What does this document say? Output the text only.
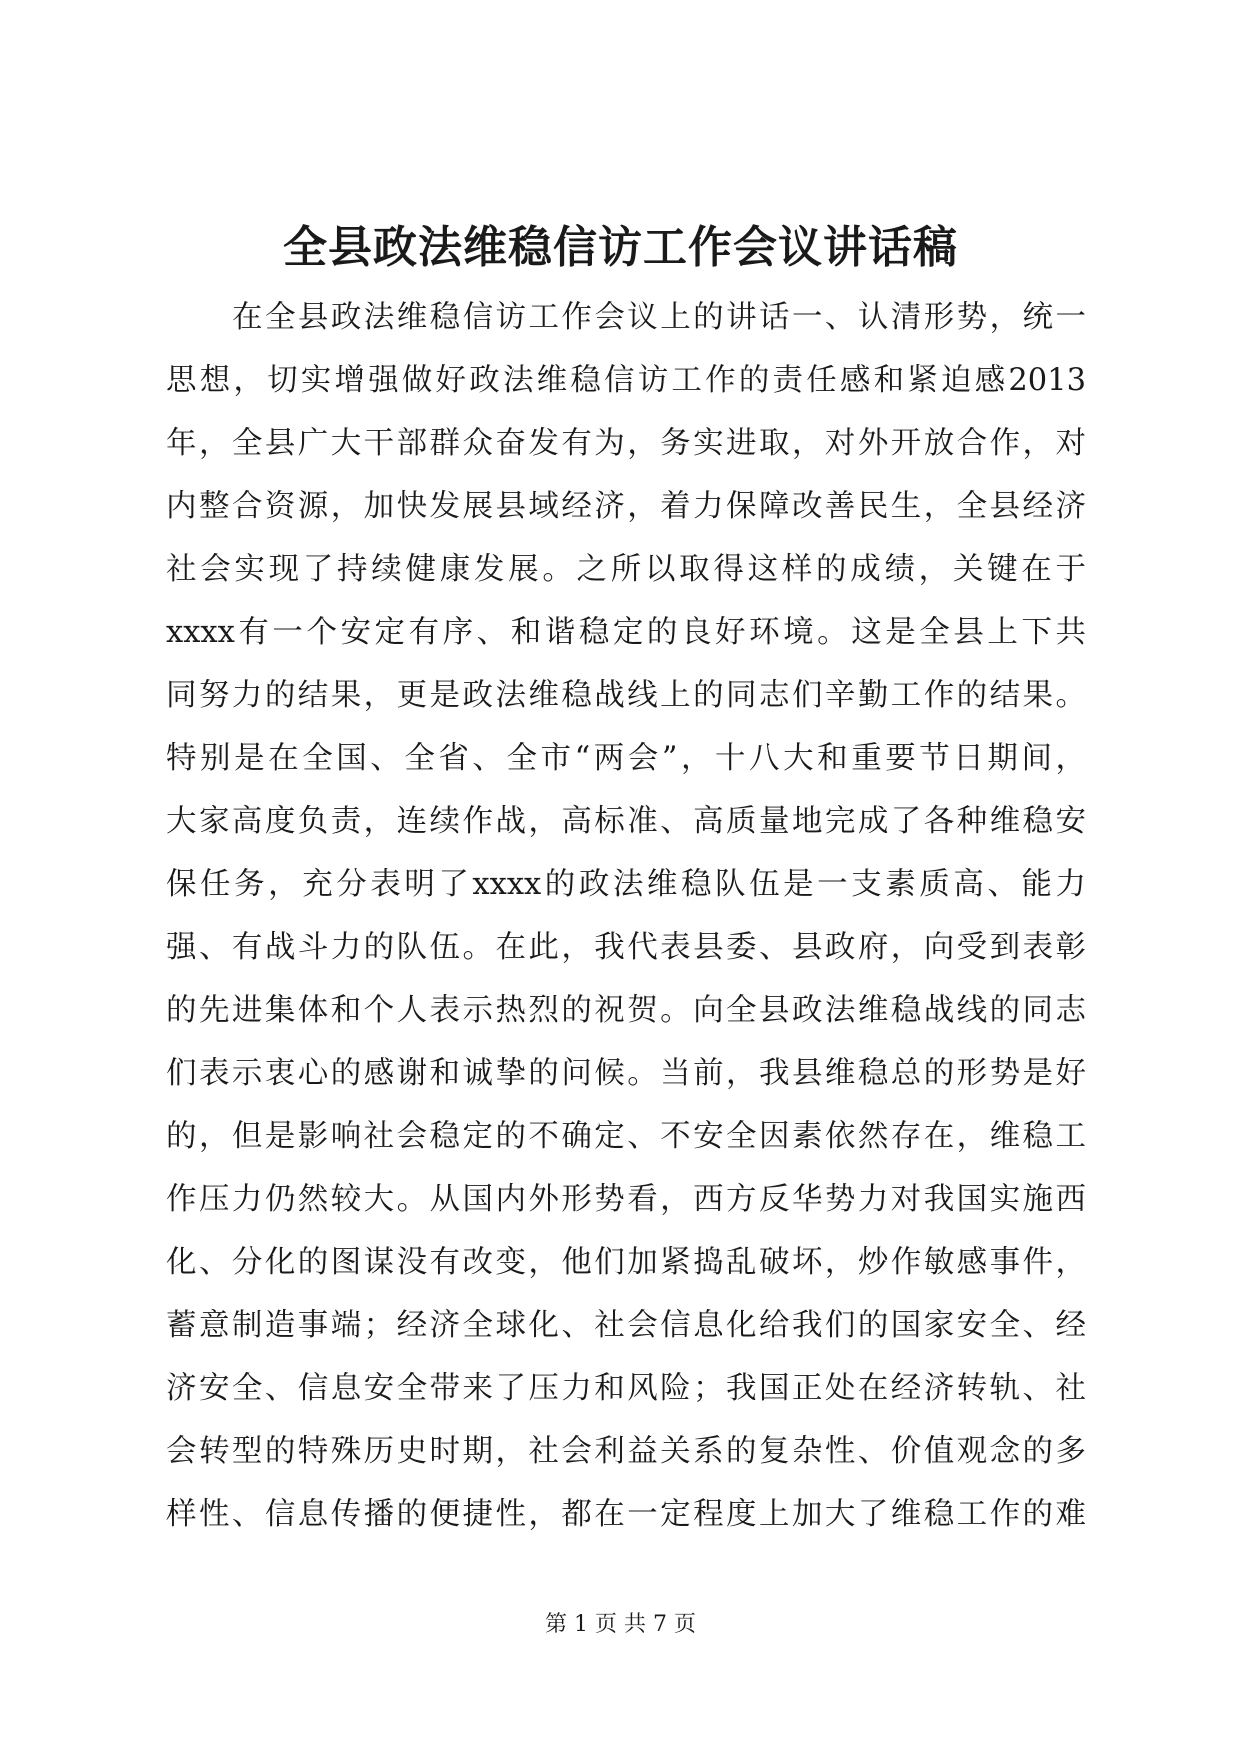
全县政法维稳信访工作会议讲话稿
在全县政法维稳信访工作会议上的讲话一、认清形势，统一
思想，切实增强做好政法维稳信访工作的责任感和紧迫感2013
年，全县广大干部群众奋发有为，务实进取，对外开放合作，对
内整合资源，加快发展县域经济，着力保障改善民生，全县经济
社会实现了持续健康发展。之所以取得这样的成绩，关键在于
xxxx有一个安定有序、和谐稳定的良好环境。这是全县上下共
同努力的结果，更是政法维稳战线上的同志们辛勤工作的结果。
特别是在全国、全省、全市“两会”，十八大和重要节日期间，
大家高度负责，连续作战，高标准、高质量地完成了各种维稳安
保任务，充分表明了xxxx的政法维稳队伍是一支素质高、能力
强、有战斗力的队伍。在此，我代表县委、县政府，向受到表彰
的先进集体和个人表示热烈的祝贺。向全县政法维稳战线的同志
们表示衷心的感谢和诚挚的问候。当前，我县维稳总的形势是好
的，但是影响社会稳定的不确定、不安全因素依然存在，维稳工
作压力仍然较大。从国内外形势看，西方反华势力对我国实施西
化、分化的图谋没有改变，他们加紧捣乱破坏，炒作敏感事件，
蓄意制造事端；经济全球化、社会信息化给我们的国家安全、经
济安全、信息安全带来了压力和风险；我国正处在经济转轨、社
会转型的特殊历史时期，社会利益关系的复杂性、价值观念的多
样性、信息传播的便捷性，都在一定程度上加大了维稳工作的难
第 1 页 共 7 页
